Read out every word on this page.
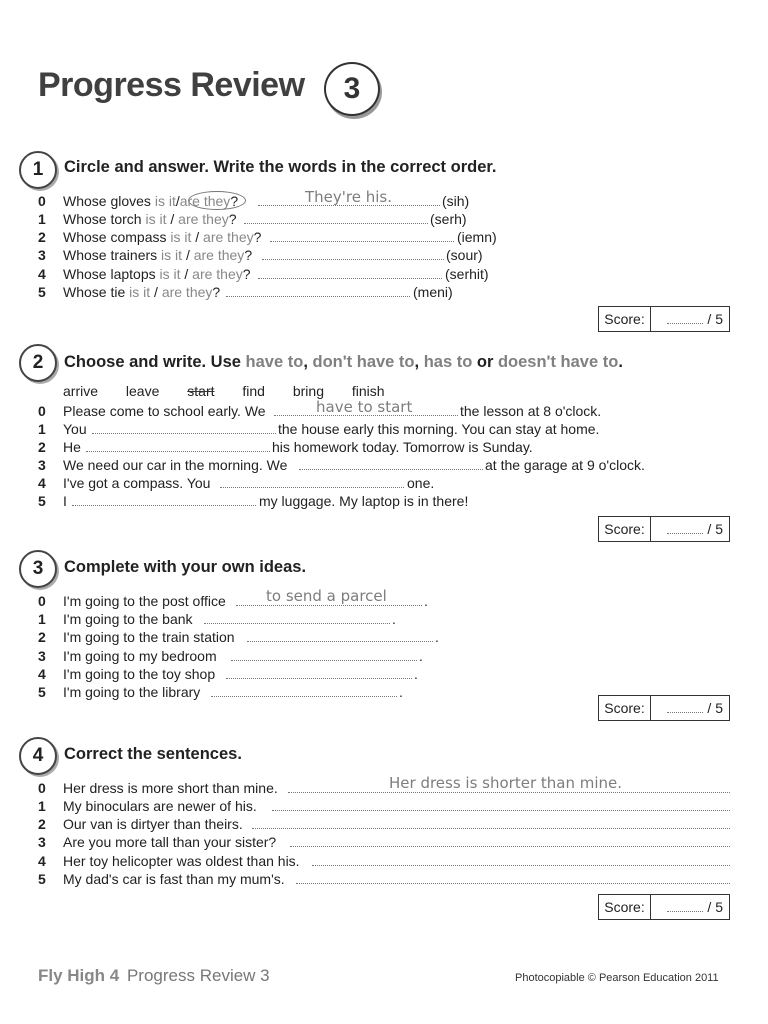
Progress Review	3
1	Circle and answer. Write the words in the correct order.
0	Whose gloves is it/are they?	They're his.	(sih)
1	Whose torch is it / are they?	(serh)
2	Whose compass is it / are they?	(iemn)
3	Whose trainers is it / are they?	(sour)
4	Whose laptops is it / are they?	(serhit)
5	Whose tie is it / are they?	(meni)
Score:	/ 5
2	Choose and write. Use have to, don't have to, has to or doesn't have to.
arrive leave start find bring finish
0	Please come to school early. We	have to start	the lesson at 8 o'clock.
1	You	the house early this morning. You can stay at home.
2	He	his homework today. Tomorrow is Sunday.
3	We need our car in the morning. We	at the garage at 9 o'clock.
4	I've got a compass. You	one.
5	I	my luggage. My laptop is in there!
Score:	/ 5
3	Complete with your own ideas.
0	I'm going to the post office	to send a parcel	.
1	I'm going to the bank	.
2	I'm going to the train station	.
3	I'm going to my bedroom	.
4	I'm going to the toy shop	.
5	I'm going to the library	.
Score:	/ 5
4	Correct the sentences.
0	Her dress is more short than mine.	Her dress is shorter than mine.
1	My binoculars are newer of his.
2	Our van is dirtyer than theirs.
3	Are you more tall than your sister?
4	Her toy helicopter was oldest than his.
5	My dad's car is fast than my mum's.
Score:	/ 5
Fly High 4 Progress Review 3	Photocopiable © Pearson Education 2011
